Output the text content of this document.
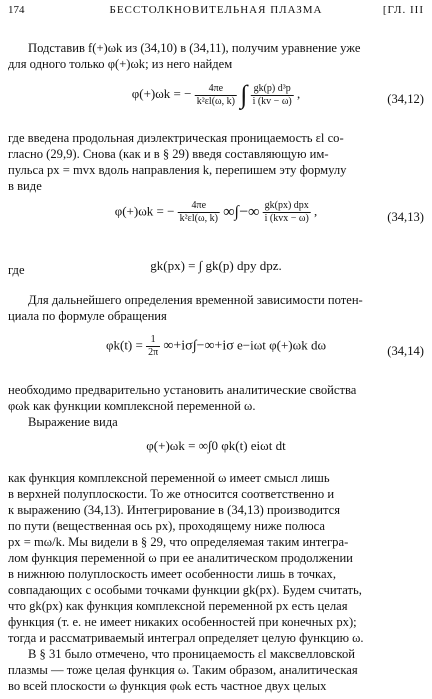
174	БЕССТОЛКНОВИТЕЛЬНАЯ ПЛАЗМА	[ГЛ. III
Подставив f(+)ωk из (34,10) в (34,11), получим уравнение уже
для одного только φ(+)ωk; из него найдем
φ(+)ωk = − $\frac{4\pi e}{\text{k²εl(ω, k)}}$ ∫ $\frac{\text{gk(p) d³p}}{i (kv - \omega)}$ ,	(34,12)
где введена продольная диэлектрическая проницаемость εl со-
гласно (29,9). Снова (как и в § 29) введя составляющую им-
пульса px = mvx вдоль направления k, перепишем эту формулу
в виде
φ(+)ωk = − $\frac{4\pi e}{\text{k²εl(ω, k)}}$ ∞∫−∞ $\frac{\text{gk(px) dpx}}{\text{i (kvx − ω)}}$ ,	(34,13)
где	gk(px) = ∫ gk(p) dpy dpz.
Для дальнейшего определения временной зависимости потен-
циала по формуле обращения
$\varphi k(t) = \frac{1}{2\pi} \infty+i\sigma\int-\infty+i\sigma$ e−iωt φ(+)ωk dω	(34,14)
необходимо предварительно установить аналитические свойства
φωk как функции комплексной переменной ω.
Выражение вида
φ(+)ωk = ∞∫0 φk(t) eiωt dt
как функция комплексной переменной ω имеет смысл лишь
в верхней полуплоскости. То же относится соответственно и
к выражению (34,13). Интегрирование в (34,13) производится
по пути (вещественная ось px), проходящему ниже полюса
px = mω/k. Мы видели в § 29, что определяемая таким интегра-
лом функция переменной ω при ее аналитическом продолжении
в нижнюю полуплоскость имеет особенности лишь в точках,
совпадающих с особыми точками функции gk(px). Будем считать,
что gk(px) как функция комплексной переменной px есть целая
функция (т. е. не имеет никаких особенностей при конечных px);
тогда и рассматриваемый интеграл определяет целую функцию ω.
В § 31 было отмечено, что проницаемость εl максвелловской
плазмы — тоже целая функция ω. Таким образом, аналитическая
во всей плоскости ω функция φωk есть частное двух целых
